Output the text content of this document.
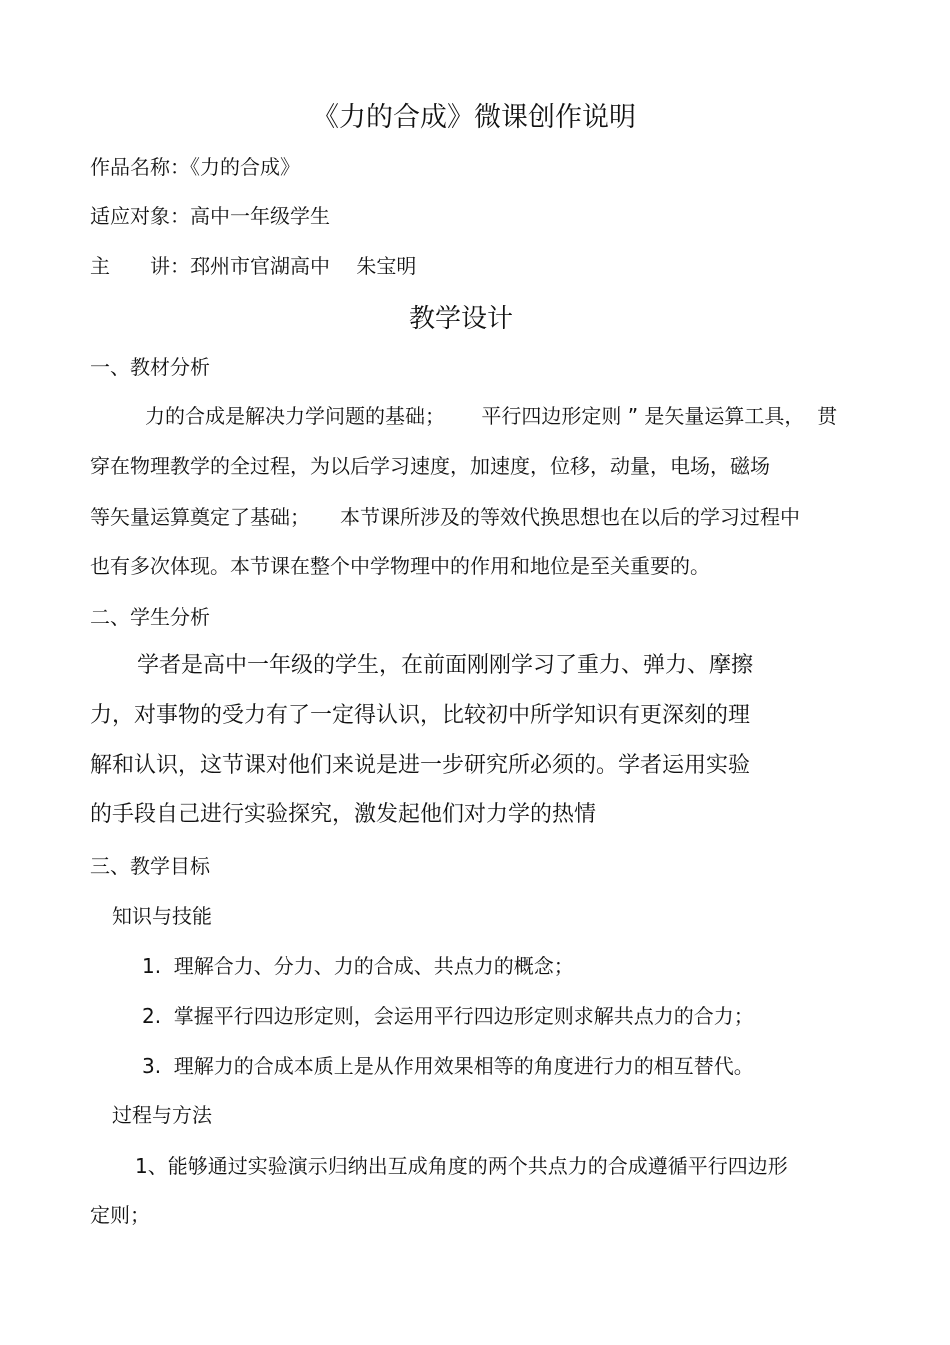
《力的合成》微课创作说明

作品名称：《力的合成》

适应对象：高中一年级学生

主　　讲：邳州市官湖高中　 朱宝明

教学设计
一、教材分析

力的合成是解决力学问题的基础；　　 平行四边形定则 ” 是矢量运算工具，  贯

穿在物理教学的全过程，为以后学习速度，加速度，位移，动量，电场，磁场

等矢量运算奠定了基础；　　本节课所涉及的等效代换思想也在以后的学习过程中

也有多次体现。本节课在整个中学物理中的作用和地位是至关重要的。

二、学生分析

学者是高中一年级的学生，在前面刚刚学习了重力、弹力、摩擦

力，对事物的受力有了一定得认识，比较初中所学知识有更深刻的理

解和认识，这节课对他们来说是进一步研究所必须的。学者运用实验

的手段自己进行实验探究，激发起他们对力学的热情

三、教学目标
知识与技能

1.  理解合力、分力、力的合成、共点力的概念；

2.  掌握平行四边形定则，会运用平行四边形定则求解共点力的合力；

3.  理解力的合成本质上是从作用效果相等的角度进行力的相互替代。

过程与方法

1、能够通过实验演示归纳出互成角度的两个共点力的合成遵循平行四边形

定则；
